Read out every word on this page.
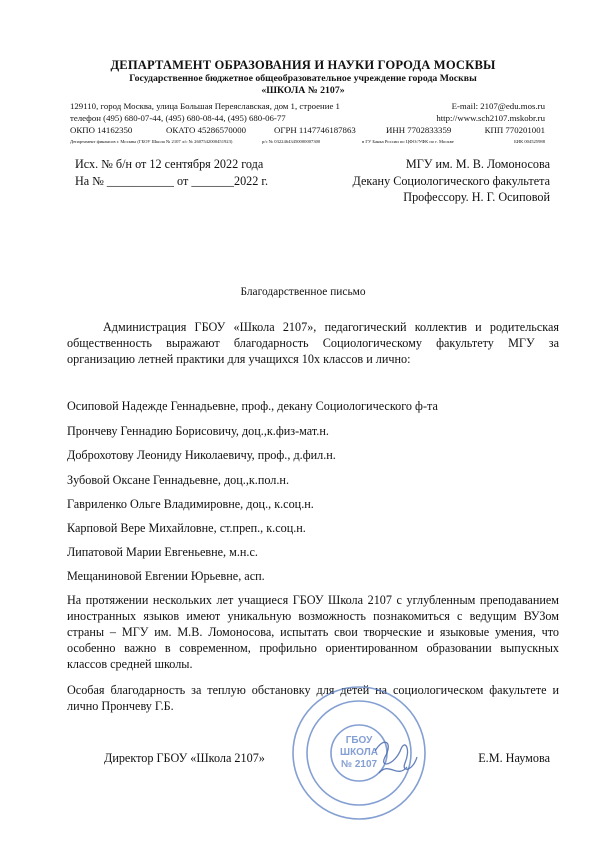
ДЕПАРТАМЕНТ ОБРАЗОВАНИЯ И НАУКИ ГОРОДА МОСКВЫ
Государственное бюджетное общеобразовательное учреждение города Москвы
«ШКОЛА № 2107»
129110, город Москва, улица Большая Переяславская, дом 1, строение 1	E-mail: 2107@edu.mos.ru
телефон (495) 680-07-44, (495) 680-08-44, (495) 680-06-77	http://www.sch2107.mskobr.ru
ОКПО 14162350	ОКАТО 45286570000	ОГРН 1147746187863	ИНН 7702833359	КПП 770201001
Департамент финансов г. Москвы (ГБОУ Школа № 2107 л/с № 2607542000451923)	р/с № 03224643450000007300	в ГУ Банка России по ЦФО//УФК по г. Москве	БИК 004525988
Исх. № б/н от 12 сентября 2022 года
На № ___________ от _______2022 г.
МГУ им. М. В. Ломоносова
Декану Социологического факультета
Профессору. Н. Г. Осиповой
Благодарственное письмо
Администрация ГБОУ «Школа 2107», педагогический коллектив и родительская общественность выражают благодарность Социологическому факультету МГУ за организацию летней практики для учащихся 10х классов и лично:
Осиповой Надежде Геннадьевне, проф., декану Социологического ф-та
Прончеву Геннадию Борисовичу, доц.,к.физ-мат.н.
Доброхотову Леониду Николаевичу, проф., д.фил.н.
Зубовой Оксане Геннадьевне, доц.,к.пол.н.
Гавриленко Ольге Владимировне, доц., к.соц.н.
Карповой Вере Михайловне, ст.преп., к.соц.н.
Липатовой Марии Евгеньевне, м.н.с.
Мещаниновой Евгении Юрьевне, асп.
На протяжении нескольких лет учащиеся ГБОУ Школа 2107 с углубленным преподаванием иностранных языков имеют уникальную возможность познакомиться с ведущим ВУЗом страны – МГУ им. М.В. Ломоносова, испытать свои творческие и языковые умения, что особенно важно в современном, профильно ориентированном образовании выпускных классов средней школы.
Особая благодарность за теплую обстановку для детей на социологическом факультете и лично Прончеву Г.Б.
ГБОУ
ШКОЛА
№ 2107
Директор ГБОУ «Школа 2107»	Е.М. Наумова
